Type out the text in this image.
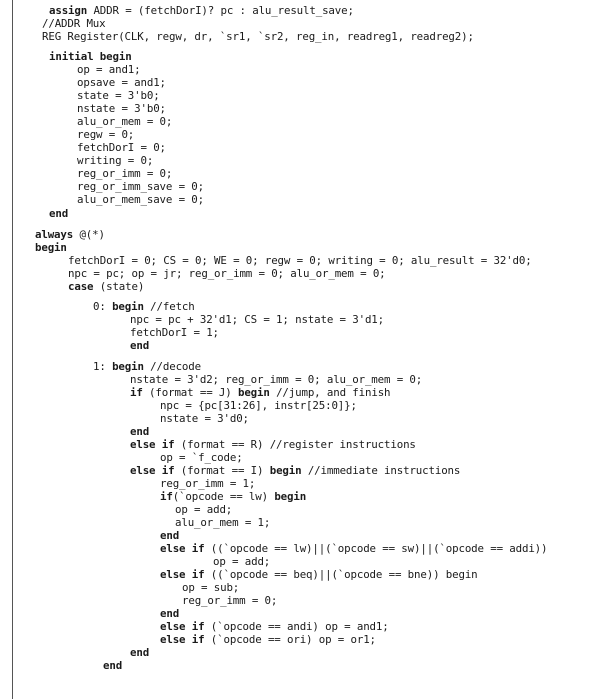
assign ADDR = (fetchDorI)? pc : alu_result_save;
//ADDR Mux
REG Register(CLK, regw, dr, `sr1, `sr2, reg_in, readreg1, readreg2);
initial begin
op = and1;
opsave = and1;
state = 3'b0;
nstate = 3'b0;
alu_or_mem = 0;
regw = 0;
fetchDorI = 0;
writing = 0;
reg_or_imm = 0;
reg_or_imm_save = 0;
alu_or_mem_save = 0;
end
always @(*)
begin
fetchDorI = 0; CS = 0; WE = 0; regw = 0; writing = 0; alu_result = 32'd0;
npc = pc; op = jr; reg_or_imm = 0; alu_or_mem = 0;
case (state)
0: begin //fetch
npc = pc + 32'd1; CS = 1; nstate = 3'd1;
fetchDorI = 1;
end
1: begin //decode
nstate = 3'd2; reg_or_imm = 0; alu_or_mem = 0;
if (format == J) begin //jump, and finish
npc = {pc[31:26], instr[25:0]};
nstate = 3'd0;
end
else if (format == R) //register instructions
op = `f_code;
else if (format == I) begin //immediate instructions
reg_or_imm = 1;
if(`opcode == lw) begin
op = add;
alu_or_mem = 1;
end
else if ((`opcode == lw)||(`opcode == sw)||(`opcode == addi))
op = add;
else if ((`opcode == beq)||(`opcode == bne)) begin
op = sub;
reg_or_imm = 0;
end
else if (`opcode == andi) op = and1;
else if (`opcode == ori) op = or1;
end
end
